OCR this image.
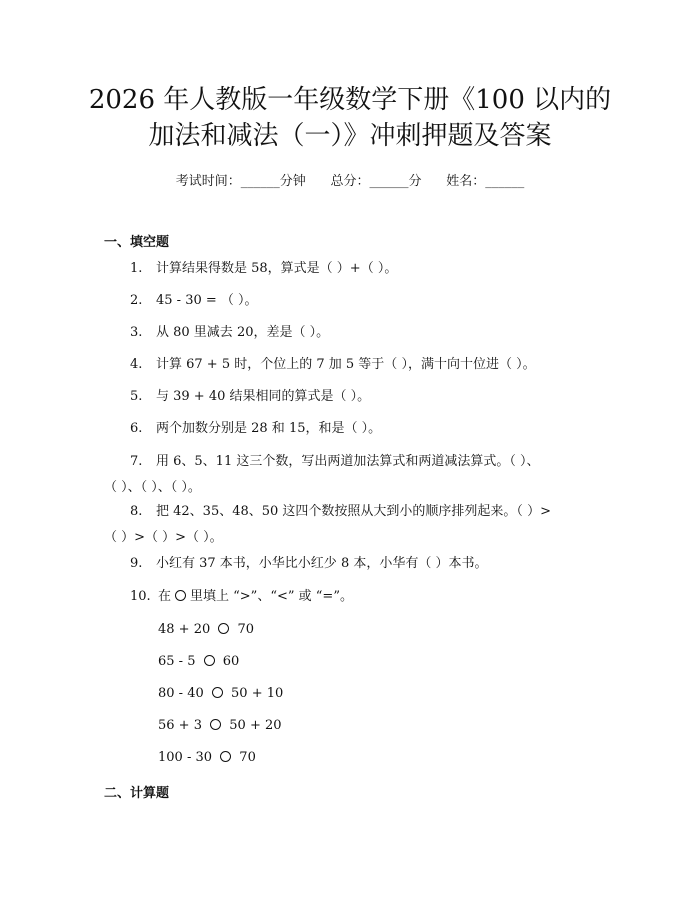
2026 年人教版一年级数学下册《100 以内的
加法和减法（一）》冲刺押题及答案
考试时间：______分钟      总分：______分      姓名：______
一、填空题
1. 计算结果得数是 58，算式是（ ）+（ ）。
2. 45 - 30 = （ ）。
3. 从 80 里减去 20，差是（ ）。
4. 计算 67 + 5 时，个位上的 7 加 5 等于（ ），满十向十位进（ ）。
5. 与 39 + 40 结果相同的算式是（ ）。
6. 两个加数分别是 28 和 15，和是（ ）。
7. 用 6、5、11 这三个数，写出两道加法算式和两道减法算式。（ ）、
（ ）、（ ）、（ ）。
8. 把 42、35、48、50 这四个数按照从大到小的顺序排列起来。（ ）>
（ ）>（ ）>（ ）。
9. 小红有 37 本书，小华比小红少 8 本，小华有（ ）本书。
10. 在 里填上 “>”、“<” 或 “=”。
48 + 20 70
65 - 5 60
80 - 40 50 + 10
56 + 3 50 + 20
100 - 30 70
二、计算题
